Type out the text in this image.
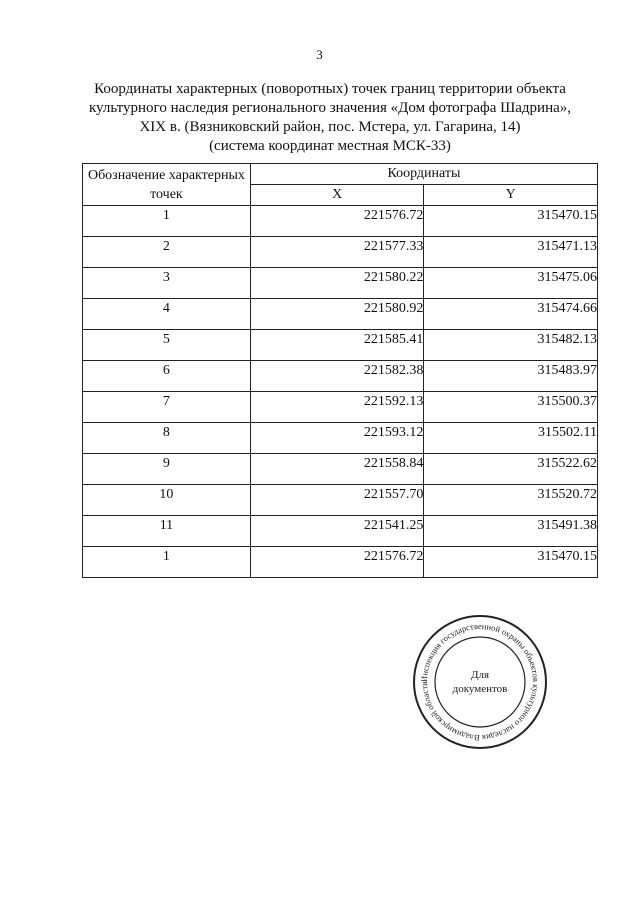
3
Координаты характерных (поворотных) точек границ территории объекта
культурного наследия регионального значения «Дом фотографа Шадрина»,
XIX в. (Вязниковский район, пос. Мстера, ул. Гагарина, 14)
(система координат местная МСК-33)
Обозначение характерных точек	Координаты	
	X	Y
1	221576.72	315470.15
2	221577.33	315471.13
3	221580.22	315475.06
4	221580.92	315474.66
5	221585.41	315482.13
6	221582.38	315483.97
7	221592.13	315500.37
8	221593.12	315502.11
9	221558.84	315522.62
10	221557.70	315520.72
11	221541.25	315491.38
1	221576.72	315470.15
Инспекция государственной охраны объектов культурного наследия Владимирской области
Для
документов
